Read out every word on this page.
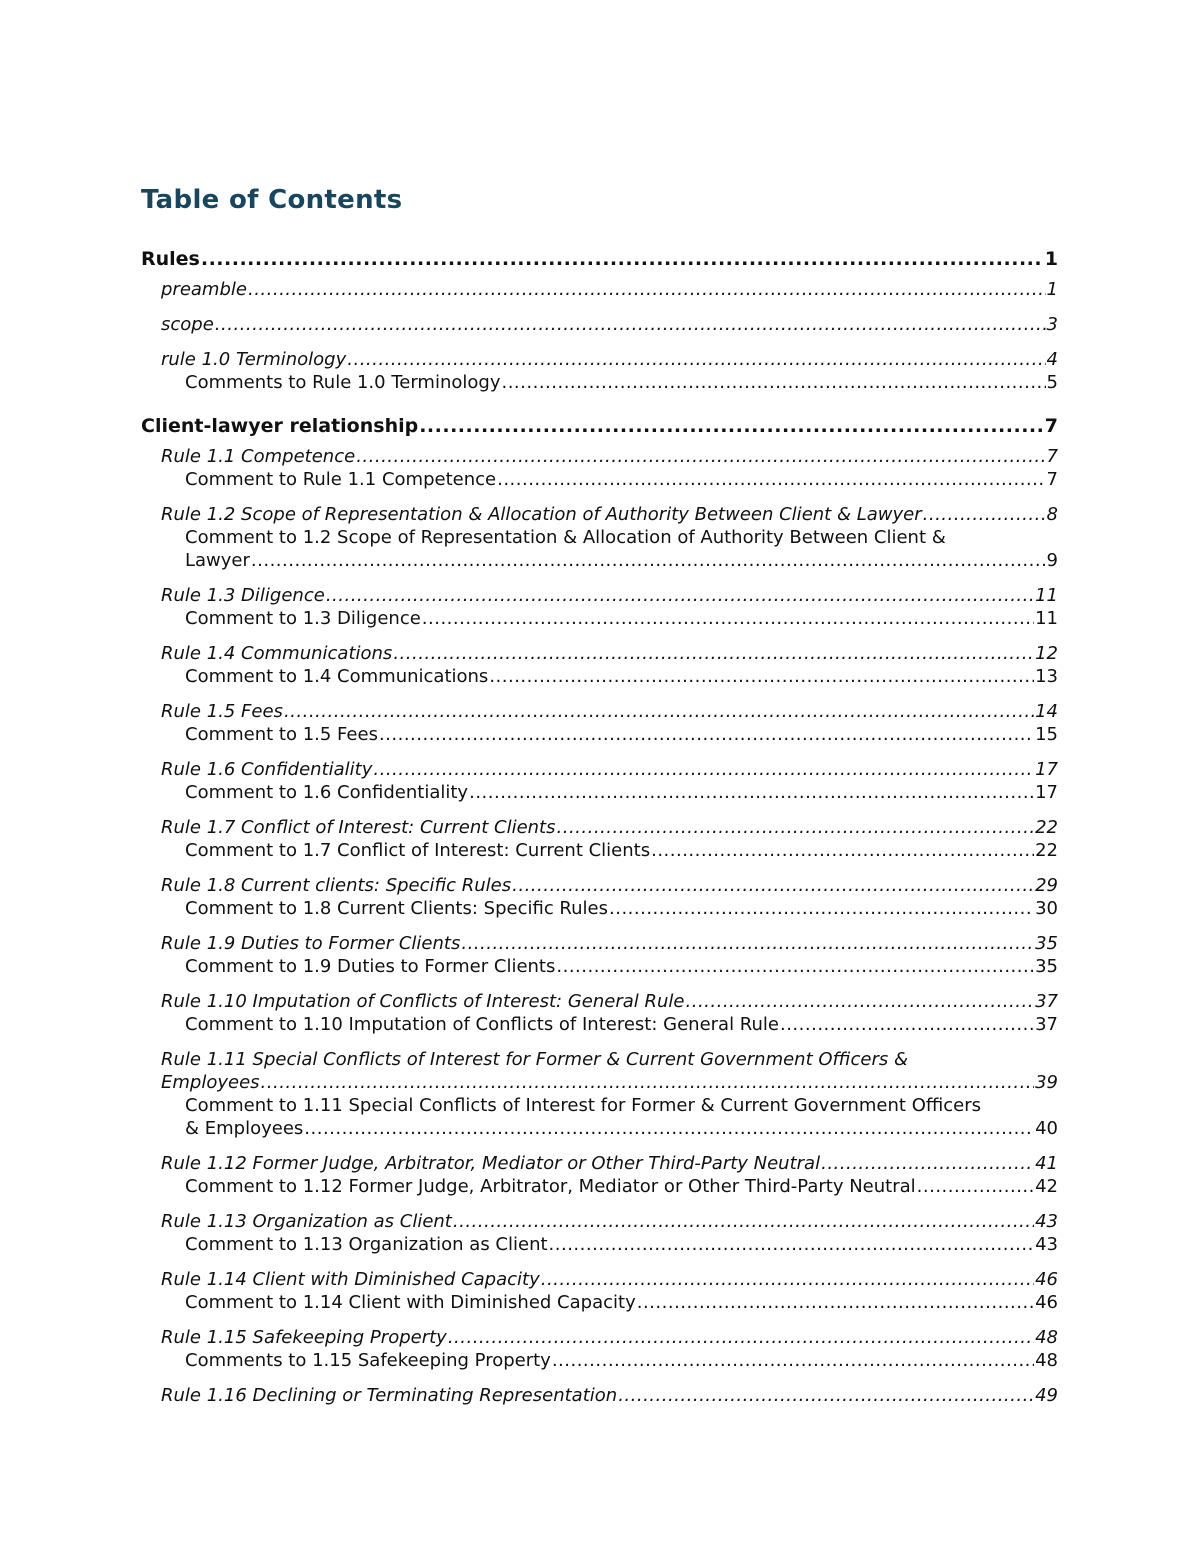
Table of Contents
Rules .....	1
preamble .....	1
scope .....	3
rule 1.0 Terminology .....	4
Comments to Rule 1.0 Terminology .....	5
Client-lawyer relationship .....	7
Rule 1.1 Competence .....	7
Comment to Rule 1.1 Competence .....	7
Rule 1.2 Scope of Representation & Allocation of Authority Between Client & Lawyer .....	8
Comment to 1.2 Scope of Representation & Allocation of Authority Between Client &
Lawyer .....	9
Rule 1.3 Diligence .....	11
Comment to 1.3 Diligence .....	11
Rule 1.4 Communications .....	12
Comment to 1.4 Communications .....	13
Rule 1.5 Fees .....	14
Comment to 1.5 Fees .....	15
Rule 1.6 Confidentiality .....	17
Comment to 1.6 Confidentiality .....	17
Rule 1.7 Conflict of Interest: Current Clients .....	22
Comment to 1.7 Conflict of Interest: Current Clients .....	22
Rule 1.8 Current clients: Specific Rules .....	29
Comment to 1.8 Current Clients: Specific Rules .....	30
Rule 1.9 Duties to Former Clients .....	35
Comment to 1.9 Duties to Former Clients .....	35
Rule 1.10 Imputation of Conflicts of Interest: General Rule .....	37
Comment to 1.10 Imputation of Conflicts of Interest: General Rule .....	37
Rule 1.11 Special Conflicts of Interest for Former & Current Government Officers &
Employees .....	39
Comment to 1.11 Special Conflicts of Interest for Former & Current Government Officers
& Employees .....	40
Rule 1.12 Former Judge, Arbitrator, Mediator or Other Third-Party Neutral .....	41
Comment to 1.12 Former Judge, Arbitrator, Mediator or Other Third-Party Neutral .....	42
Rule 1.13 Organization as Client .....	43
Comment to 1.13 Organization as Client .....	43
Rule 1.14 Client with Diminished Capacity .....	46
Comment to 1.14 Client with Diminished Capacity .....	46
Rule 1.15 Safekeeping Property .....	48
Comments to 1.15 Safekeeping Property .....	48
Rule 1.16 Declining or Terminating Representation .....	49
